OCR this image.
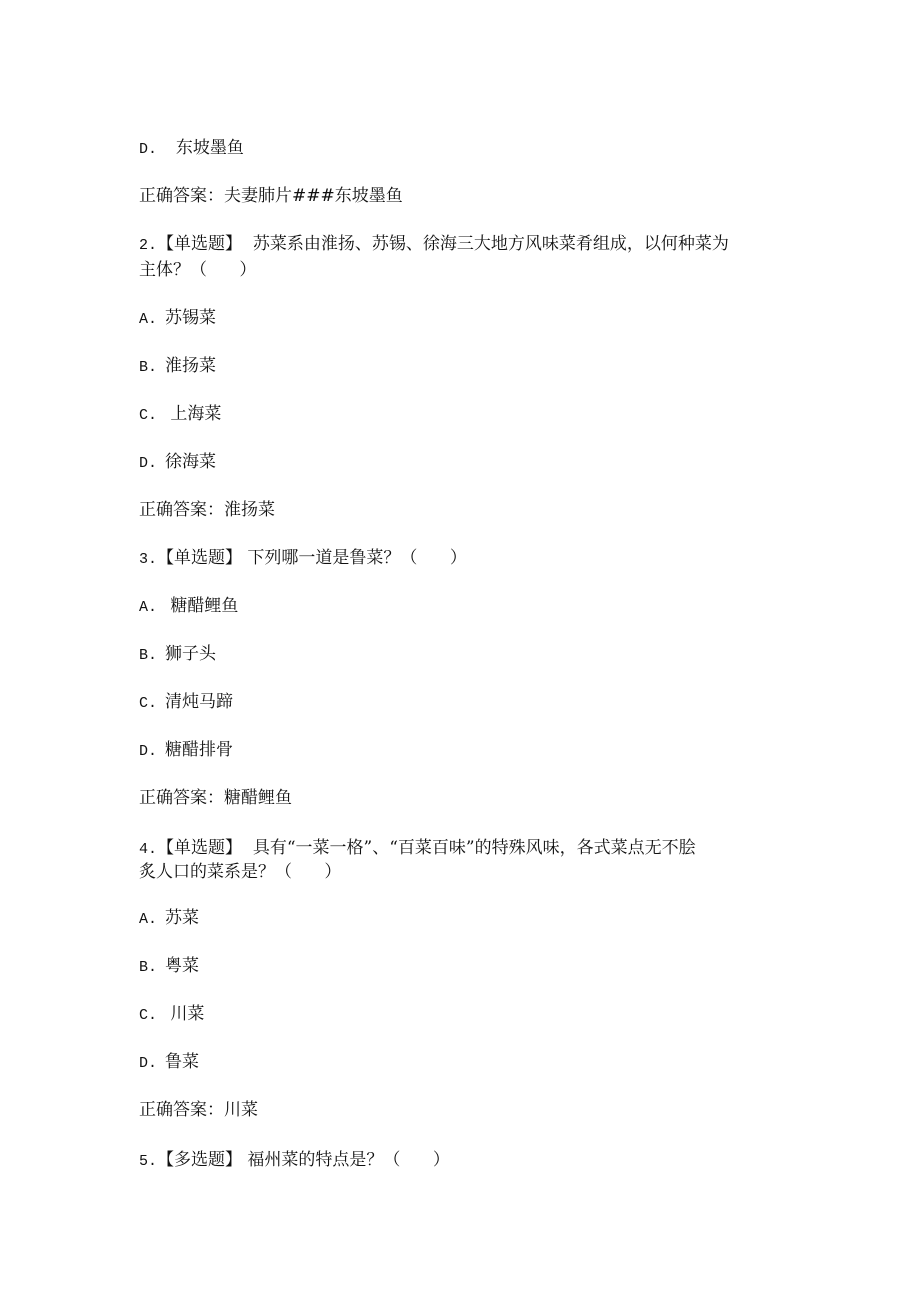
D.  东坡墨鱼
正确答案：夫妻肺片###东坡墨鱼
2.【单选题】  苏菜系由淮扬、苏锡、徐海三大地方风味菜肴组成，以何种菜为
主体？（      ）
A. 苏锡菜
B. 淮扬菜
C. 上海菜
D. 徐海菜
正确答案：淮扬菜
3.【单选题】 下列哪一道是鲁菜？（      ）
A. 糖醋鲤鱼
B. 狮子头
C. 清炖马蹄
D. 糖醋排骨
正确答案：糖醋鲤鱼
4.【单选题】  具有“一菜一格”、“百菜百味”的特殊风味，各式菜点无不脍
炙人口的菜系是？（      ）
A. 苏菜
B. 粤菜
C. 川菜
D. 鲁菜
正确答案：川菜
5.【多选题】 福州菜的特点是？（      ）
